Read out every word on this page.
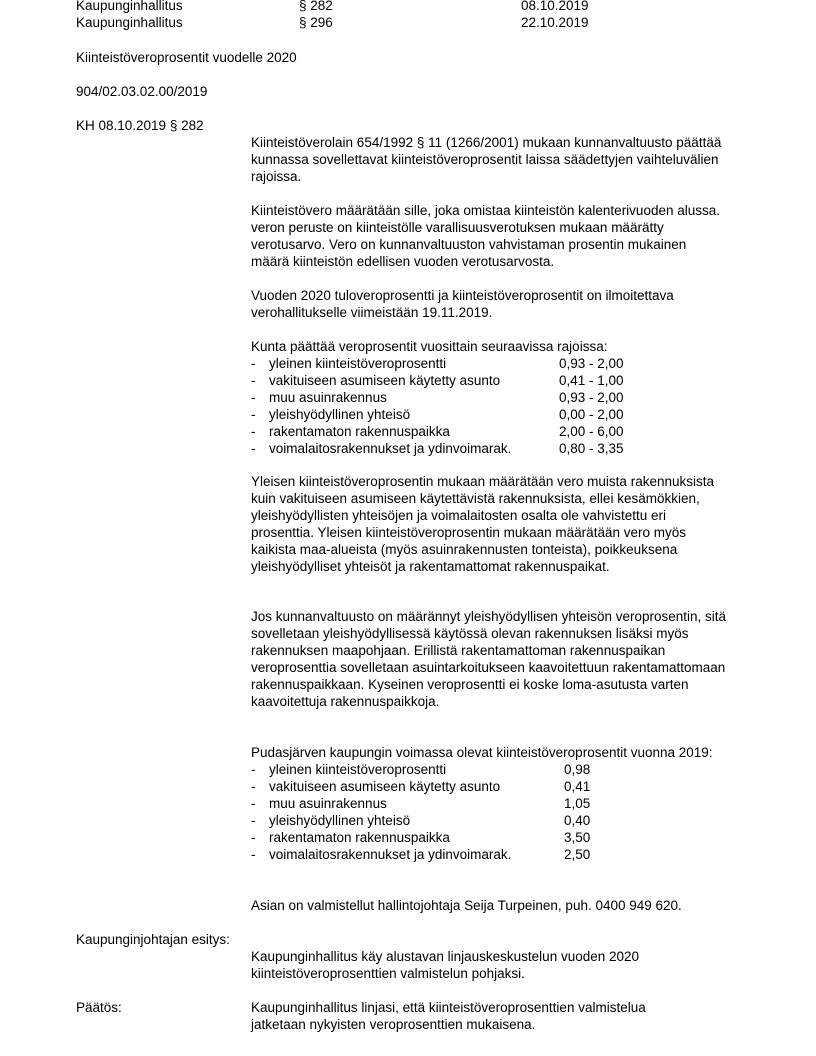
Kaupunginhallitus	§ 282	08.10.2019
Kaupunginhallitus	§ 296	22.10.2019
Kiinteistöveroprosentit vuodelle 2020
904/02.03.02.00/2019
KH 08.10.2019 § 282

Kiinteistöverolain 654/1992 § 11 (1266/2001) mukaan kunnanvaltuusto päättää kunnassa sovellettavat kiinteistöveroprosentit laissa säädettyjen vaihteluvälien rajoissa.

Kiinteistövero määrätään sille, joka omistaa kiinteistön kalenterivuoden alussa. veron peruste on kiinteistölle varallisuusverotuksen mukaan määrätty verotusarvo. Vero on kunnanvaltuuston vahvistaman prosentin mukainen määrä kiinteistön edellisen vuoden verotusarvosta.

Vuoden 2020 tuloveroprosentti ja kiinteistöveroprosentit on ilmoitettava verohallitukselle viimeistään 19.11.2019.

Kunta päättää veroprosentit vuosittain seuraavissa rajoissa:

- yleinen kiinteistöveroprosentti	0,93 - 2,00
- vakituiseen asumiseen käytetty asunto	0,41 - 1,00
- muu asuinrakennus	0,93 - 2,00
- yleishyödyllinen yhteisö	0,00 - 2,00
- rakentamaton rakennuspaikka	2,00 - 6,00
- voimalaitosrakennukset ja ydinvoimarak.	0,80 - 3,35

Yleisen kiinteistöveroprosentin mukaan määrätään vero muista rakennuksista kuin vakituiseen asumiseen käytettävistä rakennuksista, ellei kesämökkien, yleishyödyllisten yhteisöjen ja voimalaitosten osalta ole vahvistettu eri prosenttia. Yleisen kiinteistöveroprosentin mukaan määrätään vero myös kaikista maa-alueista (myös asuinrakennusten tonteista), poikkeuksena yleishyödylliset yhteisöt ja rakentamattomat rakennuspaikat.

Jos kunnanvaltuusto on määrännyt yleishyödyllisen yhteisön veroprosentin, sitä sovelletaan yleishyödyllisessä käytössä olevan rakennuksen lisäksi myös rakennuksen maapohjaan. Erillistä rakentamattoman rakennuspaikan veroprosenttia sovelletaan asuintarkoitukseen kaavoitettuun rakentamattomaan rakennuspaikkaan. Kyseinen veroprosentti ei koske loma-asutusta varten kaavoitettuja rakennuspaikkoja.

Pudasjärven kaupungin voimassa olevat kiinteistöveroprosentit vuonna 2019:

- yleinen kiinteistöveroprosentti	0,98
- vakituiseen asumiseen käytetty asunto	0,41
- muu asuinrakennus	1,05
- yleishyödyllinen yhteisö	0,40
- rakentamaton rakennuspaikka	3,50
- voimalaitosrakennukset ja ydinvoimarak.	2,50
Asian on valmistellut hallintojohtaja Seija Turpeinen, puh. 0400 949 620.
Kaupunginjohtajan esitys:

Kaupunginhallitus käy alustavan linjauskeskustelun vuoden 2020 kiinteistöveroprosenttien valmistelun pohjaksi.

Päätös:	Kaupunginhallitus linjasi, että kiinteistöveroprosenttien valmistelua jatketaan nykyisten veroprosenttien mukaisena.
